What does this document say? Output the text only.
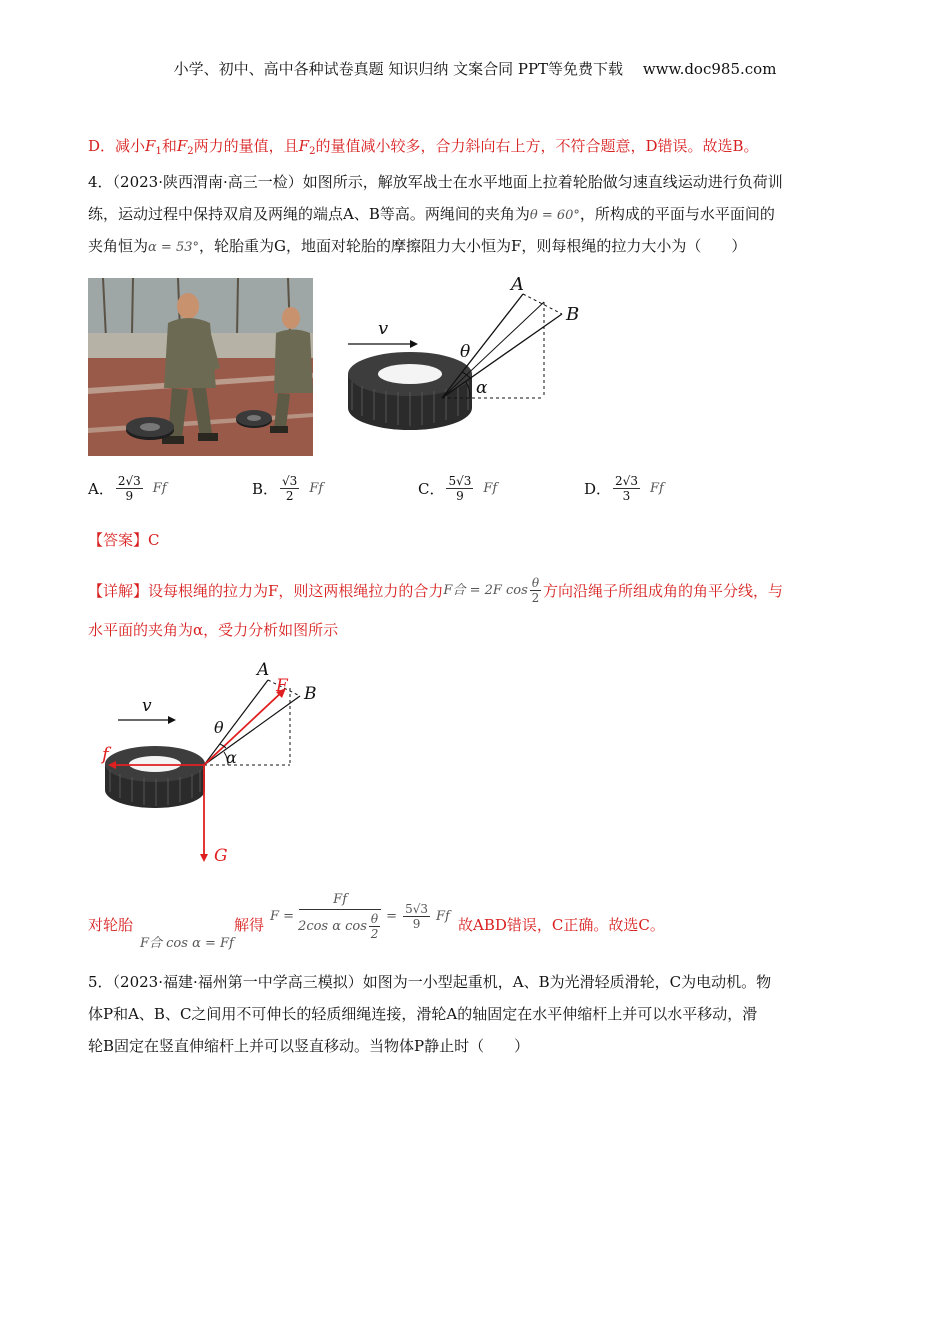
小学、初中、高中各种试卷真题 知识归纳 文案合同 PPT等免费下载　 www.doc985.com
D．减小$F_1$和$F_2$两力的量值，且$F_2$的量值减小较多，合力斜向右上方，不符合题意，D错误。故选B。
4．（2023·陕西渭南·高三一检）如图所示，解放军战士在水平地面上拉着轮胎做匀速直线运动进行负荷训
练，运动过程中保持双肩及两绳的端点A、B等高。两绳间的夹角为θ = 60°，所构成的平面与水平面间的
夹角恒为α = 53°，轮胎重为G，地面对轮胎的摩擦阻力大小恒为F，则每根绳的拉力大小为（　　）
v
A
B
θ
α
A． $\frac{2√3}{9}$ Ff	B． $\frac{√3}{2}$ Ff	C． $\frac{5√3}{9}$ Ff	D． $\frac{2√3}{3}$ Ff
【答案】C
【详解】设每根绳的拉力为F，则这两根绳拉力的合力 F合 = 2F $\cos \frac{\theta}{2}$ 方向沿绳子所组成角的角平分线，与
水平面的夹角为α，受力分析如图所示
v
A
F B
θ
α
f
G
对轮胎
F合 cos α = Ff
解得 $F = \frac{Ff}{2\cos \alpha \cos \frac{\theta}{2}} = \frac{5√3}{9}$ Ff 故ABD错误，C正确。故选C。
5．（2023·福建·福州第一中学高三模拟）如图为一小型起重机，A、B为光滑轻质滑轮，C为电动机。物
体P和A、B、C之间用不可伸长的轻质细绳连接，滑轮A的轴固定在水平伸缩杆上并可以水平移动，滑
轮B固定在竖直伸缩杆上并可以竖直移动。当物体P静止时（　　）
